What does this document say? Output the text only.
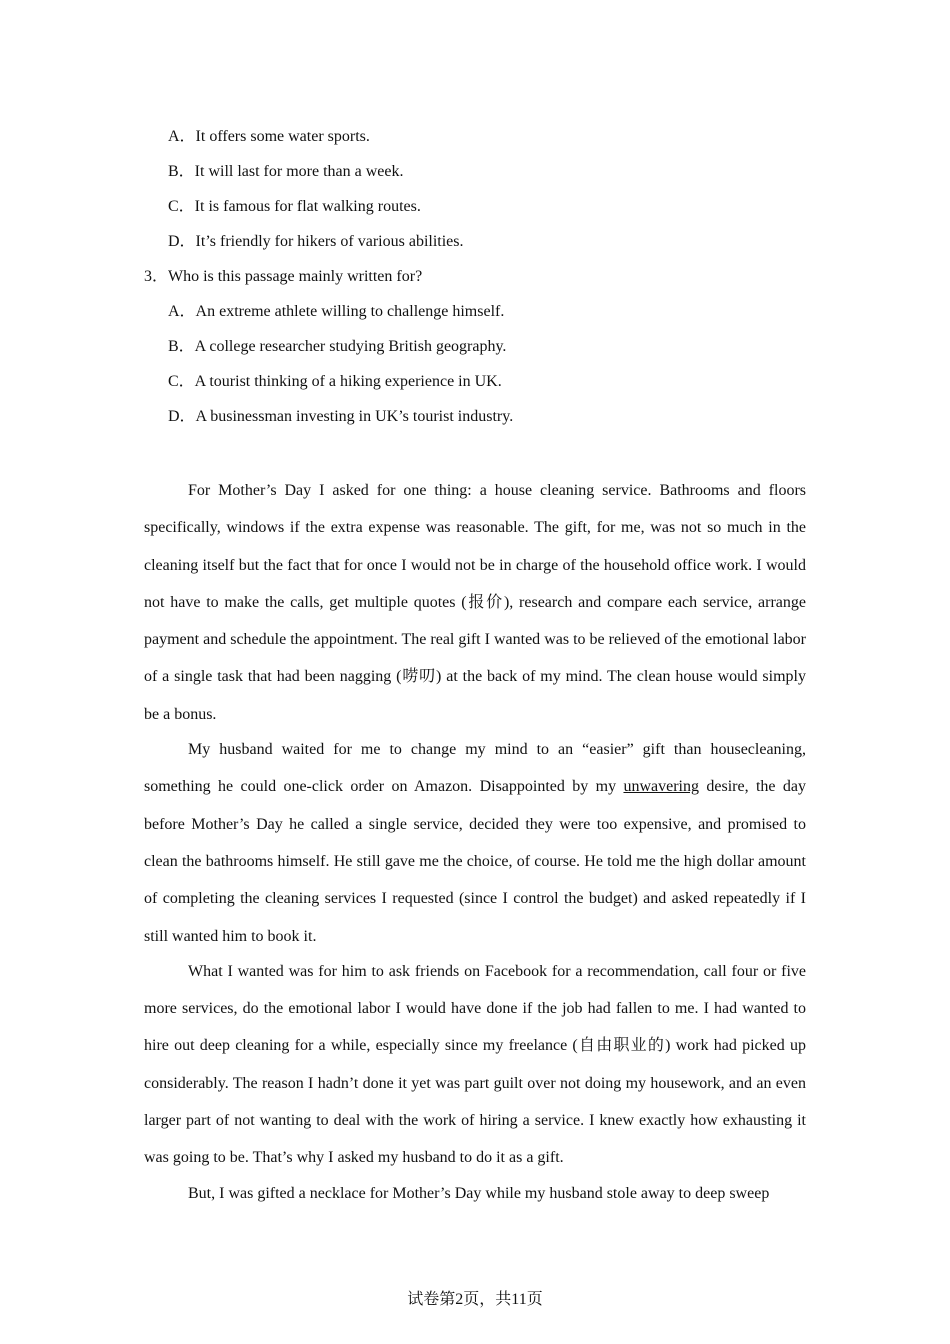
A．It offers some water sports.
B．It will last for more than a week.
C．It is famous for flat walking routes.
D．It’s friendly for hikers of various abilities.
3．Who is this passage mainly written for?
A．An extreme athlete willing to challenge himself.
B．A college researcher studying British geography.
C．A tourist thinking of a hiking experience in UK.
D．A businessman investing in UK’s tourist industry.

For Mother’s Day I asked for one thing: a house cleaning service. Bathrooms and floors specifically, windows if the extra expense was reasonable. The gift, for me, was not so much in the cleaning itself but the fact that for once I would not be in charge of the household office work. I would not have to make the calls, get multiple quotes (报价), research and compare each service, arrange payment and schedule the appointment. The real gift I wanted was to be relieved of the emotional labor of a single task that had been nagging (唠叨) at the back of my mind. The clean house would simply be a bonus.

My husband waited for me to change my mind to an “easier” gift than housecleaning, something he could one-click order on Amazon. Disappointed by my unwavering desire, the day before Mother’s Day he called a single service, decided they were too expensive, and promised to clean the bathrooms himself. He still gave me the choice, of course. He told me the high dollar amount of completing the cleaning services I requested (since I control the budget) and asked repeatedly if I still wanted him to book it.

What I wanted was for him to ask friends on Facebook for a recommendation, call four or five more services, do the emotional labor I would have done if the job had fallen to me. I had wanted to hire out deep cleaning for a while, especially since my freelance (自由职业的) work had picked up considerably. The reason I hadn’t done it yet was part guilt over not doing my housework, and an even larger part of not wanting to deal with the work of hiring a service. I knew exactly how exhausting it was going to be. That’s why I asked my husband to do it as a gift.

But, I was gifted a necklace for Mother’s Day while my husband stole away to deep sweep

试卷第2页，共11页
